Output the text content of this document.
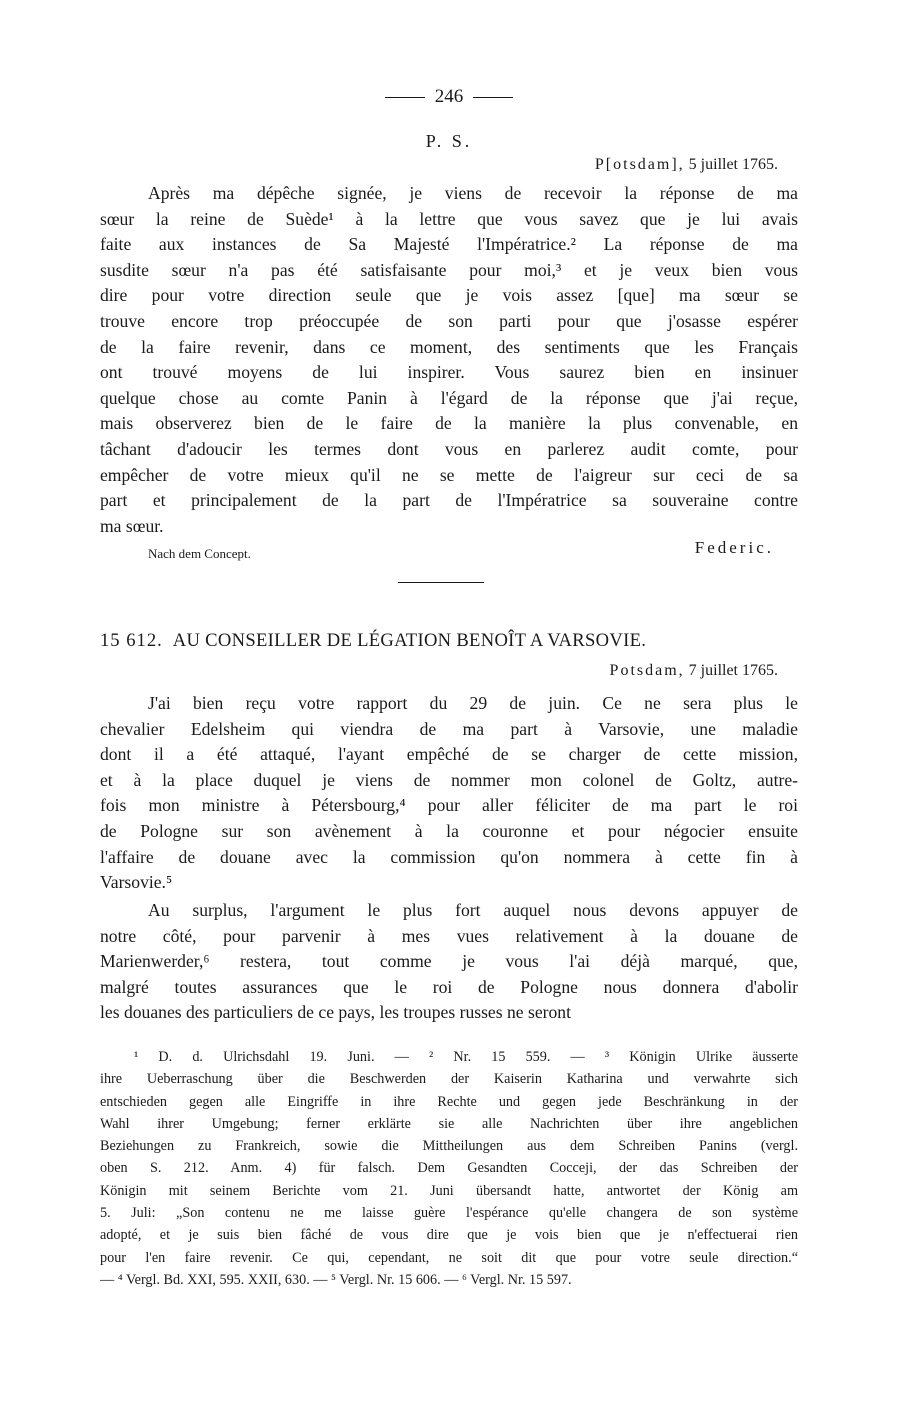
246
P. S.
P[otsdam], 5 juillet 1765.
Après ma dépêche signée, je viens de recevoir la réponse de ma
sœur la reine de Suède¹ à la lettre que vous savez que je lui avais
faite aux instances de Sa Majesté l'Impératrice.² La réponse de ma
susdite sœur n'a pas été satisfaisante pour moi,³ et je veux bien vous
dire pour votre direction seule que je vois assez [que] ma sœur se
trouve encore trop préoccupée de son parti pour que j'osasse espérer
de la faire revenir, dans ce moment, des sentiments que les Français
ont trouvé moyens de lui inspirer. Vous saurez bien en insinuer
quelque chose au comte Panin à l'égard de la réponse que j'ai reçue,
mais observerez bien de le faire de la manière la plus convenable, en
tâchant d'adoucir les termes dont vous en parlerez audit comte, pour
empêcher de votre mieux qu'il ne se mette de l'aigreur sur ceci de sa
part et principalement de la part de l'Impératrice sa souveraine contre
ma sœur.
Nach dem Concept.	Federic.
15 612. AU CONSEILLER DE LÉGATION BENOÎT A VARSOVIE.
Potsdam, 7 juillet 1765.
J'ai bien reçu votre rapport du 29 de juin. Ce ne sera plus le
chevalier Edelsheim qui viendra de ma part à Varsovie, une maladie
dont il a été attaqué, l'ayant empêché de se charger de cette mission,
et à la place duquel je viens de nommer mon colonel de Goltz, autre-
fois mon ministre à Pétersbourg,⁴ pour aller féliciter de ma part le roi
de Pologne sur son avènement à la couronne et pour négocier ensuite
l'affaire de douane avec la commission qu'on nommera à cette fin à
Varsovie.⁵
Au surplus, l'argument le plus fort auquel nous devons appuyer de
notre côté, pour parvenir à mes vues relativement à la douane de
Marienwerder,⁶ restera, tout comme je vous l'ai déjà marqué, que,
malgré toutes assurances que le roi de Pologne nous donnera d'abolir
les douanes des particuliers de ce pays, les troupes russes ne seront
¹ D. d. Ulrichsdahl 19. Juni. — ² Nr. 15 559. — ³ Königin Ulrike äusserte
ihre Ueberraschung über die Beschwerden der Kaiserin Katharina und verwahrte sich
entschieden gegen alle Eingriffe in ihre Rechte und gegen jede Beschränkung in der
Wahl ihrer Umgebung; ferner erklärte sie alle Nachrichten über ihre angeblichen
Beziehungen zu Frankreich, sowie die Mittheilungen aus dem Schreiben Panins (vergl.
oben S. 212. Anm. 4) für falsch. Dem Gesandten Cocceji, der das Schreiben der
Königin mit seinem Berichte vom 21. Juni übersandt hatte, antwortet der König am
5. Juli: „Son contenu ne me laisse guère l'espérance qu'elle changera de son système
adopté, et je suis bien fâché de vous dire que je vois bien que je n'effectuerai rien
pour l'en faire revenir. Ce qui, cependant, ne soit dit que pour votre seule direction.“
— ⁴ Vergl. Bd. XXI, 595. XXII, 630. — ⁵ Vergl. Nr. 15 606. — ⁶ Vergl. Nr. 15 597.
